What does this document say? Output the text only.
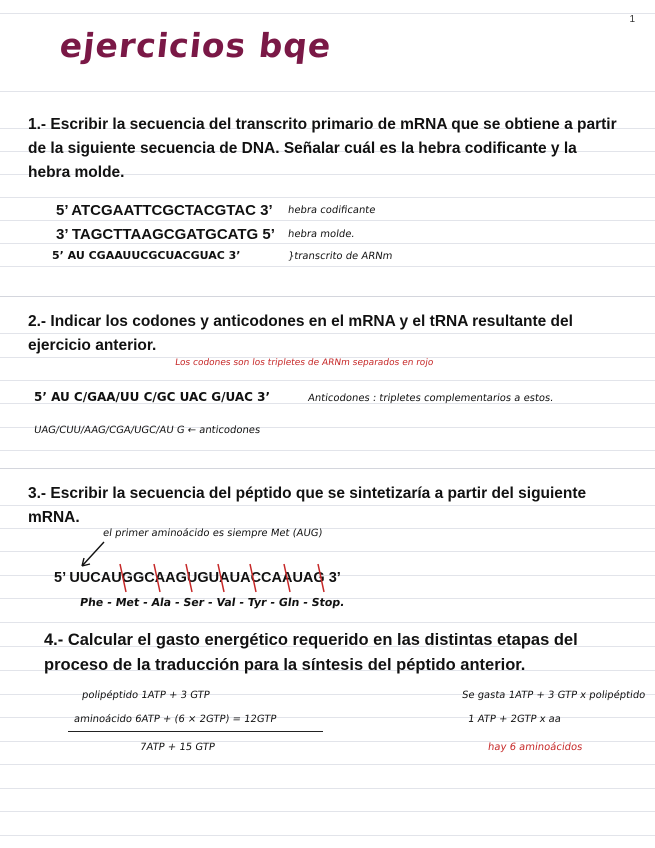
1
ejercicios bqe
1.- Escribir la secuencia del transcrito primario de mRNA que se obtiene a partir de la siguiente secuencia de DNA. Señalar cuál es la hebra codificante y la hebra molde.
5’ ATCGAATTCGCTACGTAC 3’ hebra codificante
3’ TAGCTTAAGCGATGCATG 5’ hebra molde.
5’ AU CGAAUUCGCUACGUAC 3’	}transcrito de ARNm
2.- Indicar los codones y anticodones en el mRNA y el tRNA resultante del ejercicio anterior.
Los codones son los tripletes de ARNm separados en rojo
5’ AU C/GAA/UU C/GC UAC G/UAC 3’	Anticodones : tripletes complementarios a estos.
UAG/CUU/AAG/CGA/UGC/AU G ← anticodones
3.- Escribir la secuencia del péptido que se sintetizaría a partir del siguiente mRNA.
el primer aminoácido es siempre Met (AUG)
5’ UUCAUGGCAAGUGUAUACCAAUAG 3’
Phe - Met - Ala - Ser - Val - Tyr - Gln - Stop.
4.- Calcular el gasto energético requerido en las distintas etapas del proceso de la traducción para la síntesis del péptido anterior.
polipéptido 1ATP + 3 GTP
aminoácido 6ATP + (6 × 2GTP) = 12GTP
7ATP + 15 GTP
Se gasta 1ATP + 3 GTP x polipéptido
1 ATP + 2GTP x aa
hay 6 aminoácidos
